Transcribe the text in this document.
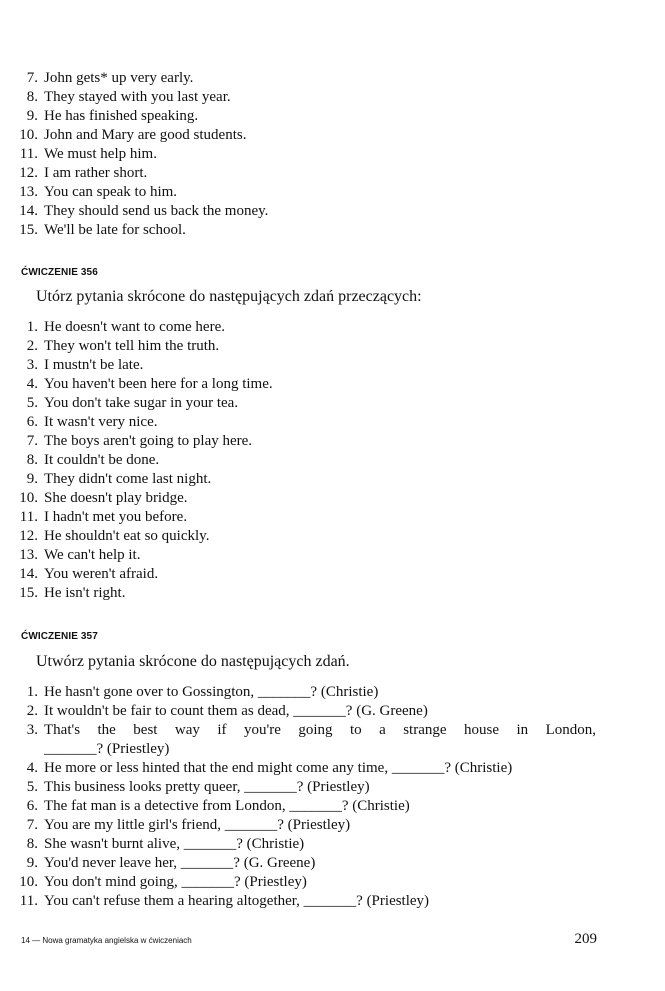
7. John gets* up very early.
8. They stayed with you last year.
9. He has finished speaking.
10. John and Mary are good students.
11. We must help him.
12. I am rather short.
13. You can speak to him.
14. They should send us back the money.
15. We'll be late for school.
ĆWICZENIE 356
Utórz pytania skrócone do następujących zdań przeczących:
1. He doesn't want to come here.
2. They won't tell him the truth.
3. I mustn't be late.
4. You haven't been here for a long time.
5. You don't take sugar in your tea.
6. It wasn't very nice.
7. The boys aren't going to play here.
8. It couldn't be done.
9. They didn't come last night.
10. She doesn't play bridge.
11. I hadn't met you before.
12. He shouldn't eat so quickly.
13. We can't help it.
14. You weren't afraid.
15. He isn't right.
ĆWICZENIE 357
Utwórz pytania skrócone do następujących zdań.
1. He hasn't gone over to Gossington, _______? (Christie)
2. It wouldn't be fair to count them as dead, _______? (G. Greene)
3. That's the best way if you're going to a strange house in London,
_______? (Priestley)
4. He more or less hinted that the end might come any time, _______? (Christie)
5. This business looks pretty queer, _______? (Priestley)
6. The fat man is a detective from London, _______? (Christie)
7. You are my little girl's friend, _______? (Priestley)
8. She wasn't burnt alive, _______? (Christie)
9. You'd never leave her, _______? (G. Greene)
10. You don't mind going, _______? (Priestley)
11. You can't refuse them a hearing altogether, _______? (Priestley)
14 — Nowa gramatyka angielska w ćwiczeniach	209
